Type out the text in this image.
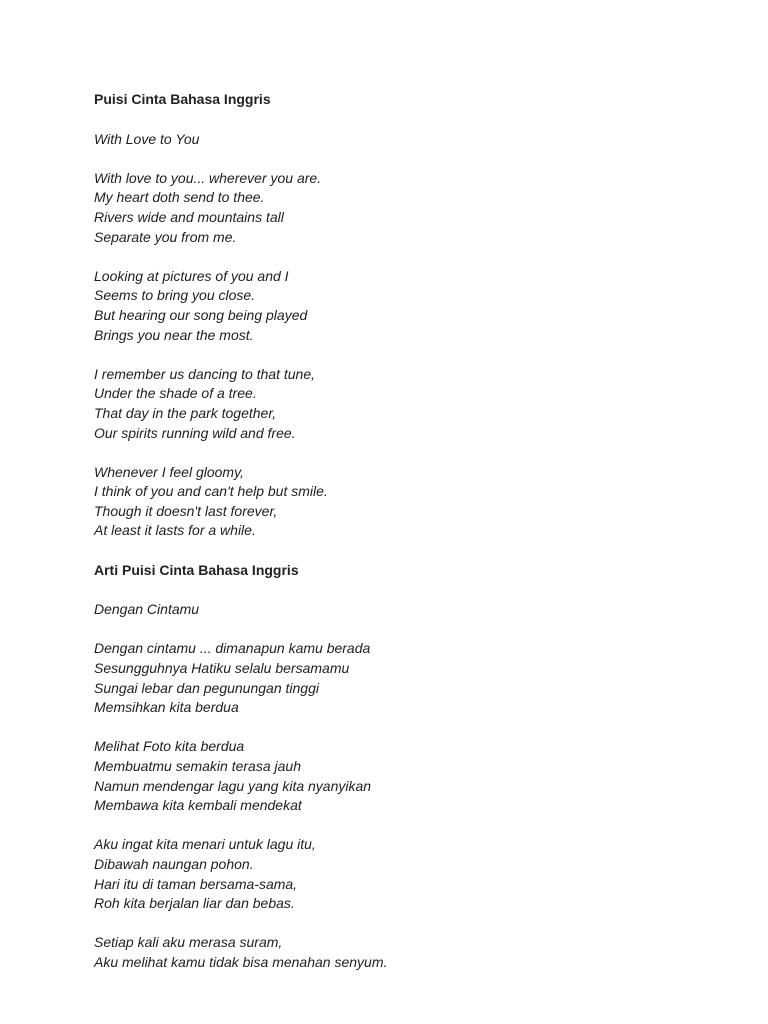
Puisi Cinta Bahasa Inggris
With Love to You
With love to you... wherever you are.
My heart doth send to thee.
Rivers wide and mountains tall
Separate you from me.
Looking at pictures of you and I
Seems to bring you close.
But hearing our song being played
Brings you near the most.
I remember us dancing to that tune,
Under the shade of a tree.
That day in the park together,
Our spirits running wild and free.
Whenever I feel gloomy,
I think of you and can't help but smile.
Though it doesn't last forever,
At least it lasts for a while.
Arti Puisi Cinta Bahasa Inggris
Dengan Cintamu
Dengan cintamu ... dimanapun kamu berada
Sesungguhnya Hatiku selalu bersamamu
Sungai lebar dan pegunungan tinggi
Memsihkan kita berdua
Melihat Foto kita berdua
Membuatmu semakin terasa jauh
Namun mendengar lagu yang kita nyanyikan
Membawa kita kembali mendekat
Aku ingat kita menari untuk lagu itu,
Dibawah naungan pohon.
Hari itu di taman bersama-sama,
Roh kita berjalan liar dan bebas.
Setiap kali aku merasa suram,
Aku melihat kamu tidak bisa menahan senyum.
